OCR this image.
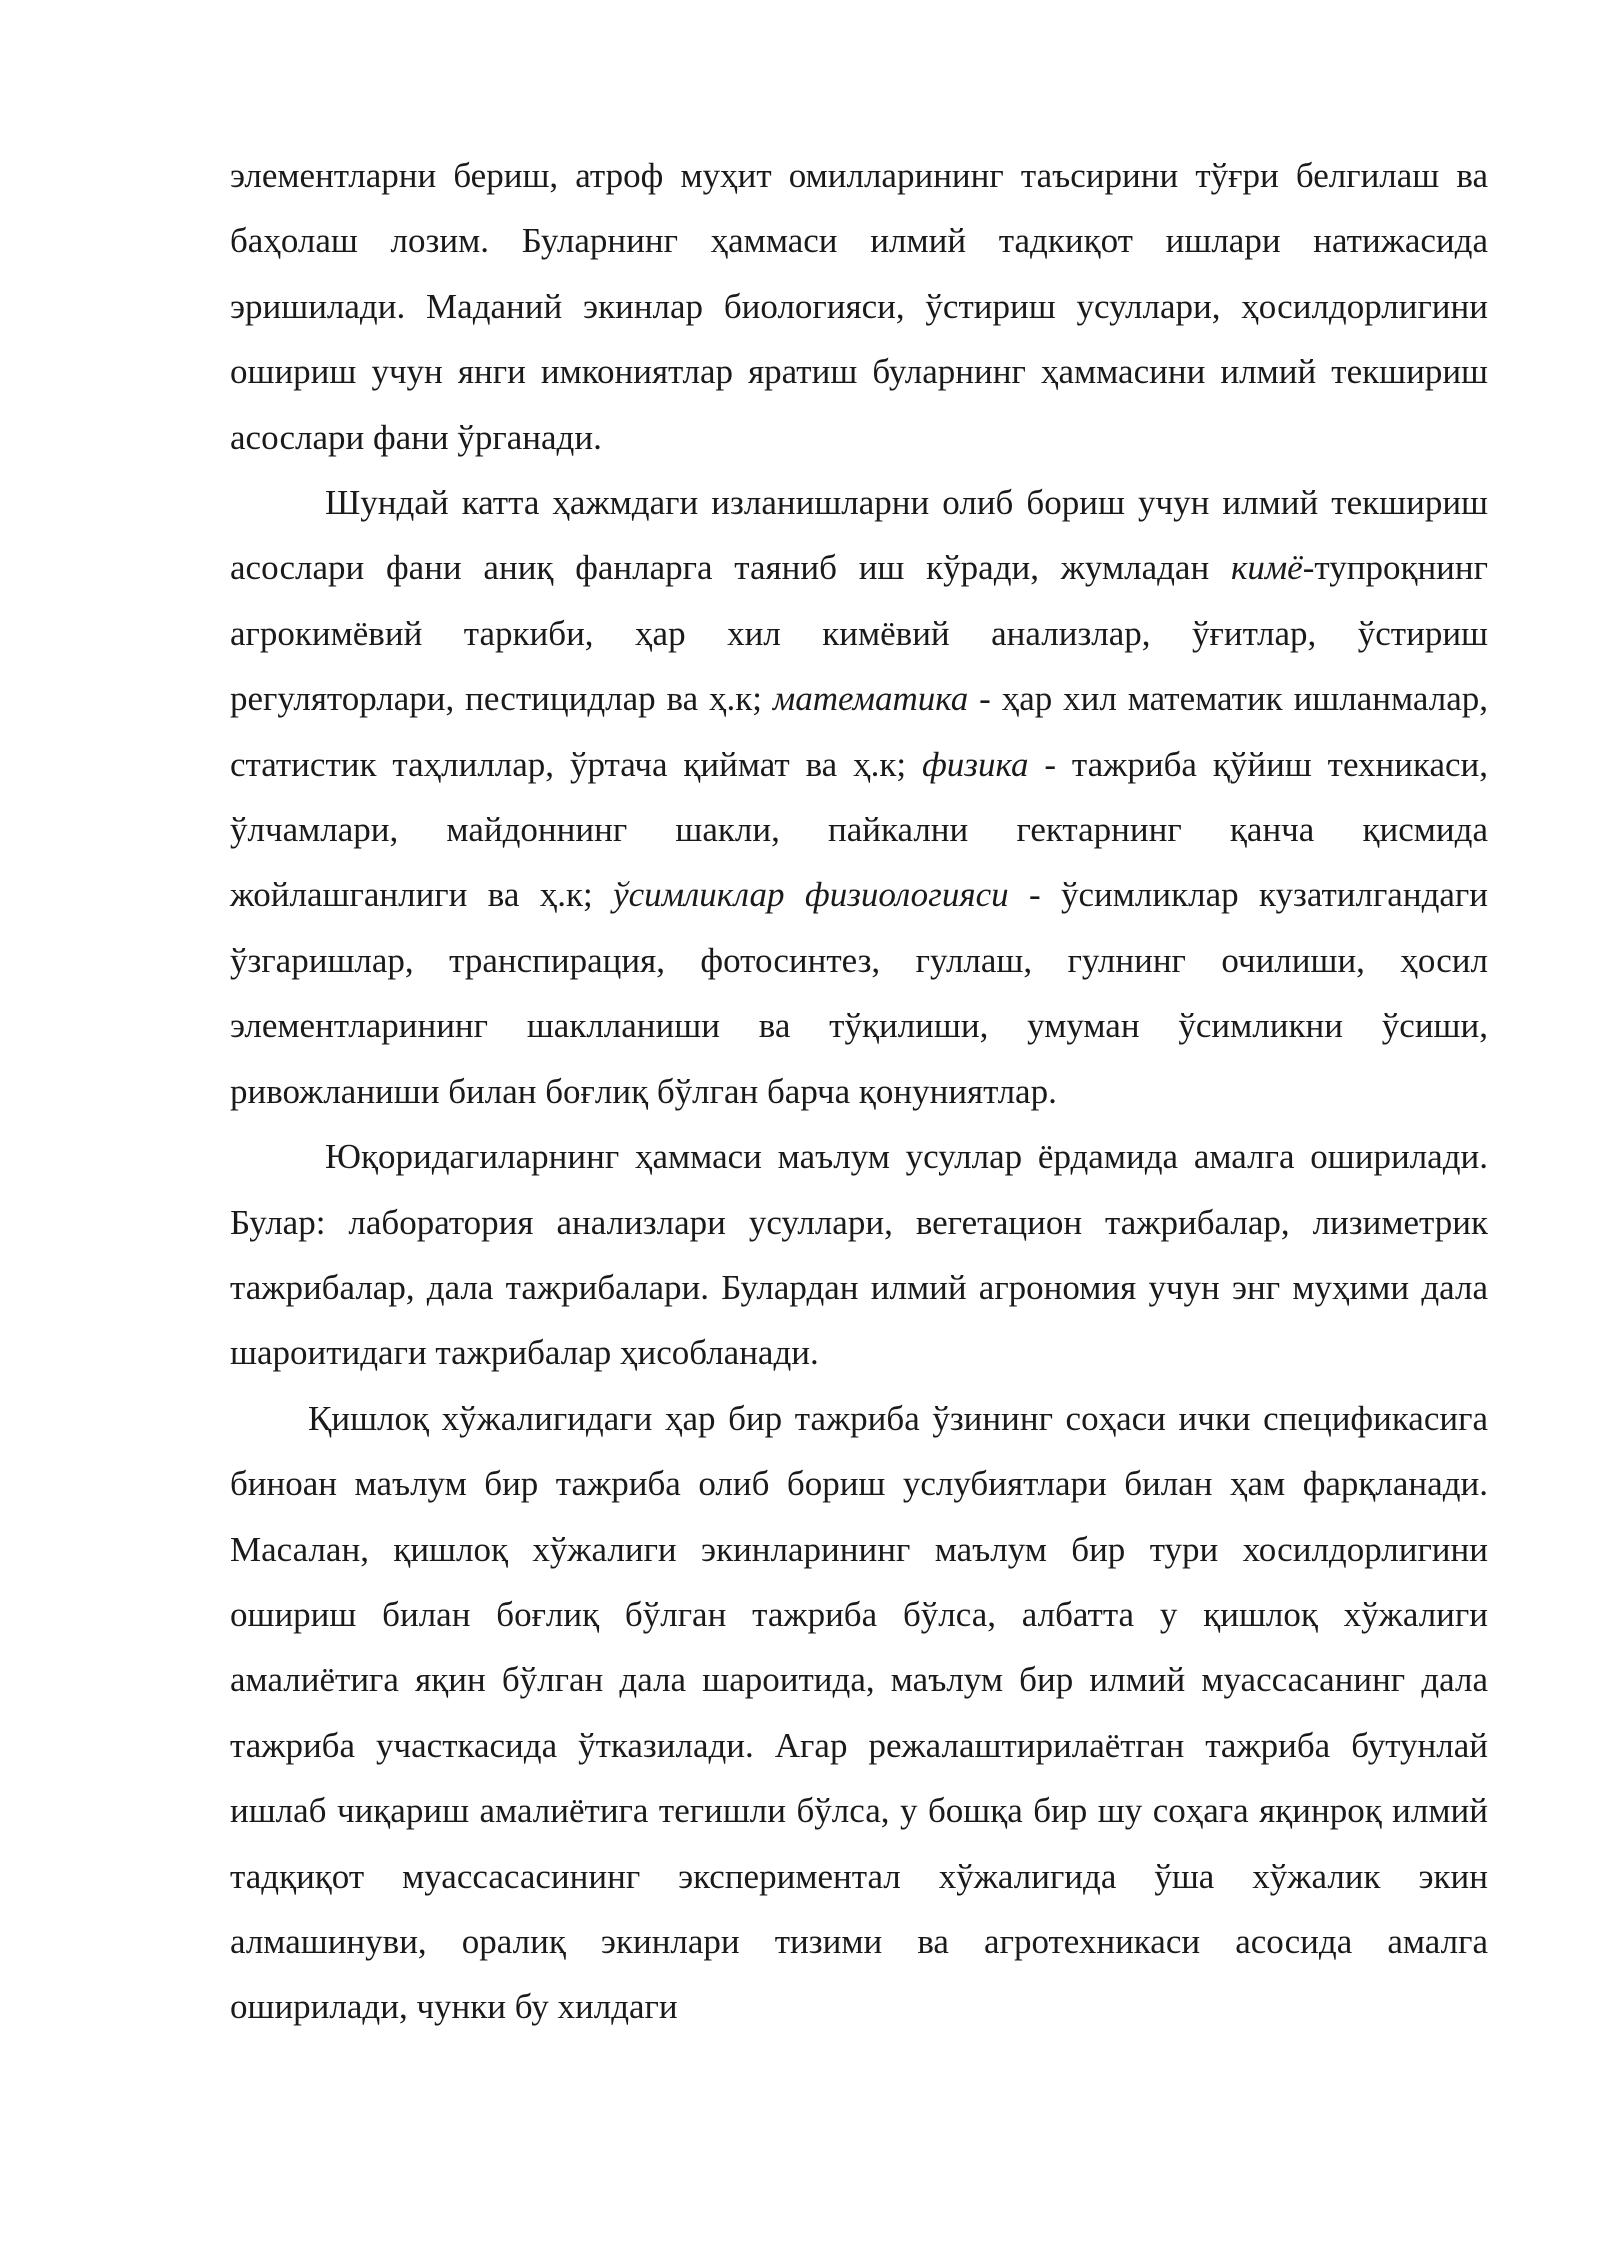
элементларни бериш, атроф муҳит омилларининг таъсирини тўғри белгилаш ва баҳолаш лозим. Буларнинг ҳаммаси илмий тадкиқот ишлари натижасида эришилади. Маданий экинлар биологияси, ўстириш усуллари, ҳосилдорлигини ошириш учун янги имкониятлар яратиш буларнинг ҳаммасини илмий текшириш асослари фани ўрганади.

Шундай катта ҳажмдаги изланишларни олиб бориш учун илмий текшириш асослари фани аниқ фанларга таяниб иш кўради, жумладан кимё-тупроқнинг агрокимёвий таркиби, ҳар хил кимёвий анализлар, ўғитлар, ўстириш регуляторлари, пестицидлар ва ҳ.к; математика - ҳар хил математик ишланмалар, статистик таҳлиллар, ўртача қиймат ва ҳ.к; физика - тажриба қўйиш техникаси, ўлчамлари, майдоннинг шакли, пайкални гектарнинг қанча қисмида жойлашганлиги ва ҳ.к; ўсимликлар физиологияси - ўсимликлар кузатилгандаги ўзгаришлар, транспирация, фотосинтез, гуллаш, гулнинг очилиши, ҳосил элементларининг шаклланиши ва тўқилиши, умуман ўсимликни ўсиши, ривожланиши билан боғлиқ бўлган барча қонуниятлар.

Юқоридагиларнинг ҳаммаси маълум усуллар ёрдамида амалга оширилади. Булар: лаборатория анализлари усуллари, вегетацион тажрибалар, лизиметрик тажрибалар, дала тажрибалари. Булардан илмий агрономия учун энг муҳими дала шароитидаги тажрибалар ҳисобланади.

Қишлоқ хўжалигидаги ҳар бир тажриба ўзининг соҳаси ички спецификасига биноан маълум бир тажриба олиб бориш услубиятлари билан ҳам фарқланади. Масалан, қишлоқ хўжалиги экинларининг маълум бир тури хосилдорлигини ошириш билан боғлиқ бўлган тажриба бўлса, албатта у қишлоқ хўжалиги амалиётига яқин бўлган дала шароитида, маълум бир илмий муассасанинг дала тажриба участкасида ўтказилади. Агар режалаштирилаётган тажриба бутунлай ишлаб чиқариш амалиётига тегишли бўлса, у бошқа бир шу соҳага яқинроқ илмий тадқиқот муассасасининг экспериментал хўжалигида ўша хўжалик экин алмашинуви, оралиқ экинлари тизими ва агротехникаси асосида амалга оширилади, чунки бу хилдаги
